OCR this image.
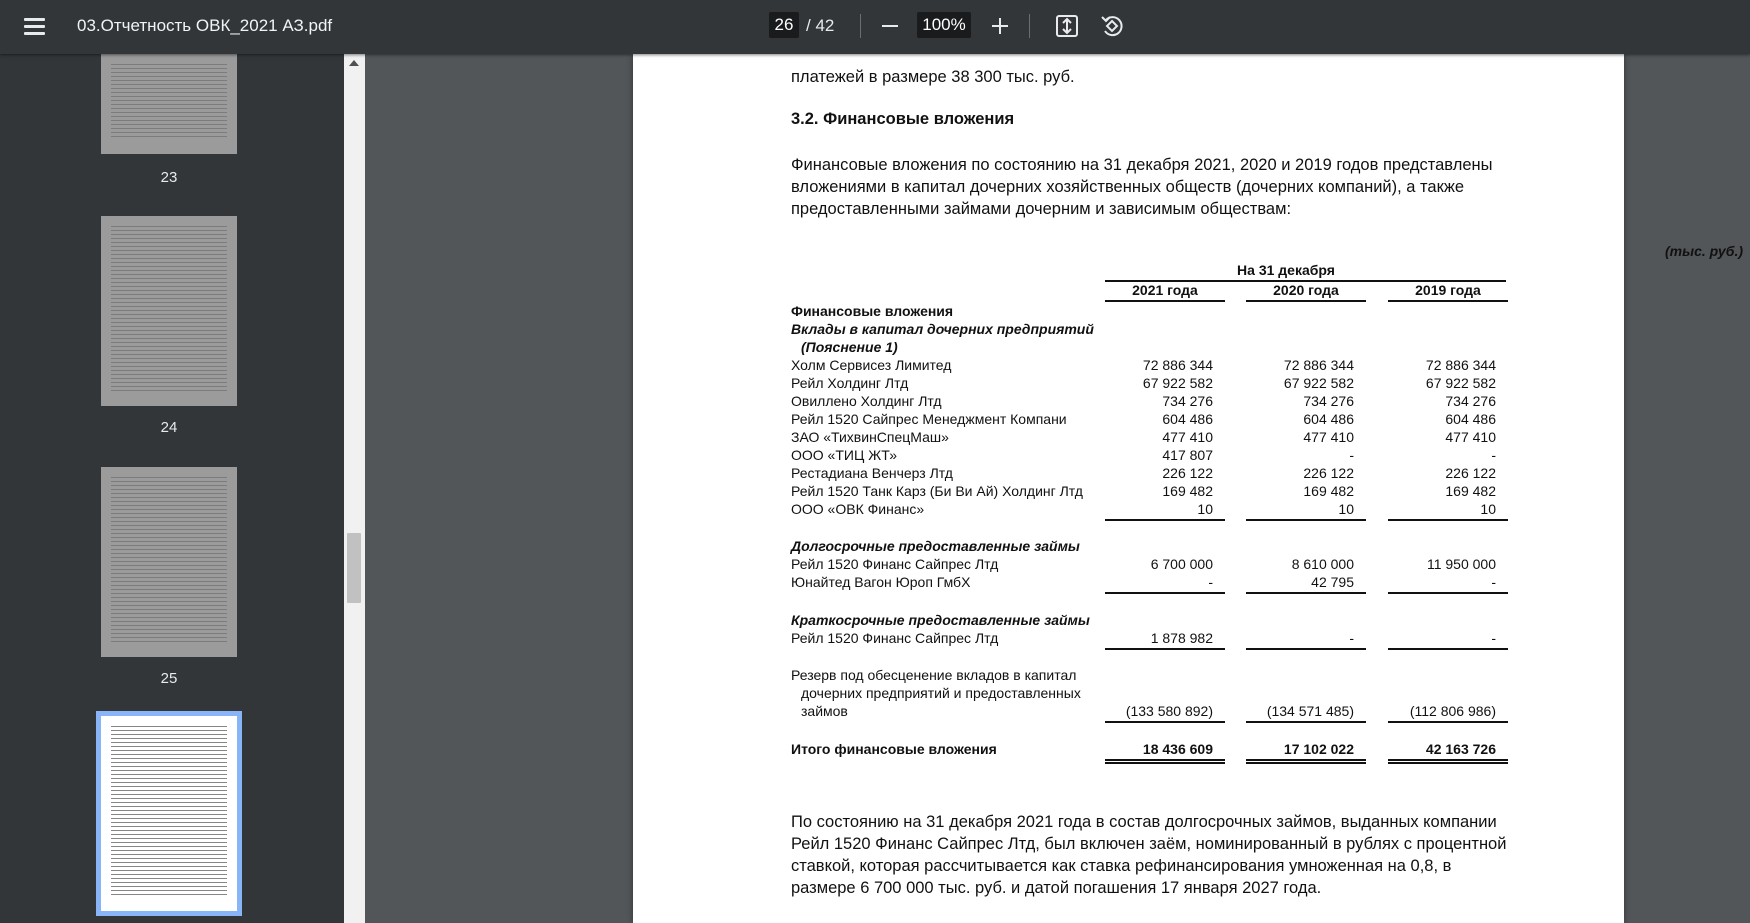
03.Отчетность ОВК_2021 АЗ.pdf	26 / 42	100%
23
24
25
платежей в размере 38 300 тыс. руб.
3.2. Финансовые вложения
Финансовые вложения по состоянию на 31 декабря 2021, 2020 и 2019 годов представлены вложениями в капитал дочерних хозяйственных обществ (дочерних компаний), а также предоставленными займами дочерним и зависимым обществам:
(тыс. руб.)
На 31 декабря
2021 года	2020 года	2019 года
Финансовые вложения
Вклады в капитал дочерних предприятий
(Пояснение 1)
Холм Сервисез Лимитед	72 886 344	72 886 344	72 886 344
Рейл Холдинг Лтд	67 922 582	67 922 582	67 922 582
Овиллено Холдинг Лтд	734 276	734 276	734 276
Рейл 1520 Сайпрес Менеджмент Компани	604 486	604 486	604 486
ЗАО «ТихвинСпецМаш»	477 410	477 410	477 410
ООО «ТИЦ ЖТ»	417 807	-	-
Рестадиана Венчерз Лтд	226 122	226 122	226 122
Рейл 1520 Танк Карз (Би Ви Ай) Холдинг Лтд	169 482	169 482	169 482
ООО «ОВК Финанс»	10	10	10
Долгосрочные предоставленные займы
Рейл 1520 Финанс Сайпрес Лтд	6 700 000	8 610 000	11 950 000
Юнайтед Вагон Юроп ГмбХ	-	42 795	-
Краткосрочные предоставленные займы
Рейл 1520 Финанс Сайпрес Лтд	1 878 982	-	-
Резерв под обесценение вкладов в капитал
дочерних предприятий и предоставленных
займов	(133 580 892)	(134 571 485)	(112 806 986)
Итого финансовые вложения	18 436 609	17 102 022	42 163 726
По состоянию на 31 декабря 2021 года в состав долгосрочных займов, выданных компании Рейл 1520 Финанс Сайпрес Лтд, был включен заём, номинированный в рублях с процентной ставкой, которая рассчитывается как ставка рефинансирования умноженная на 0,8, в размере 6 700 000 тыс. руб. и датой погашения 17 января 2027 года.
